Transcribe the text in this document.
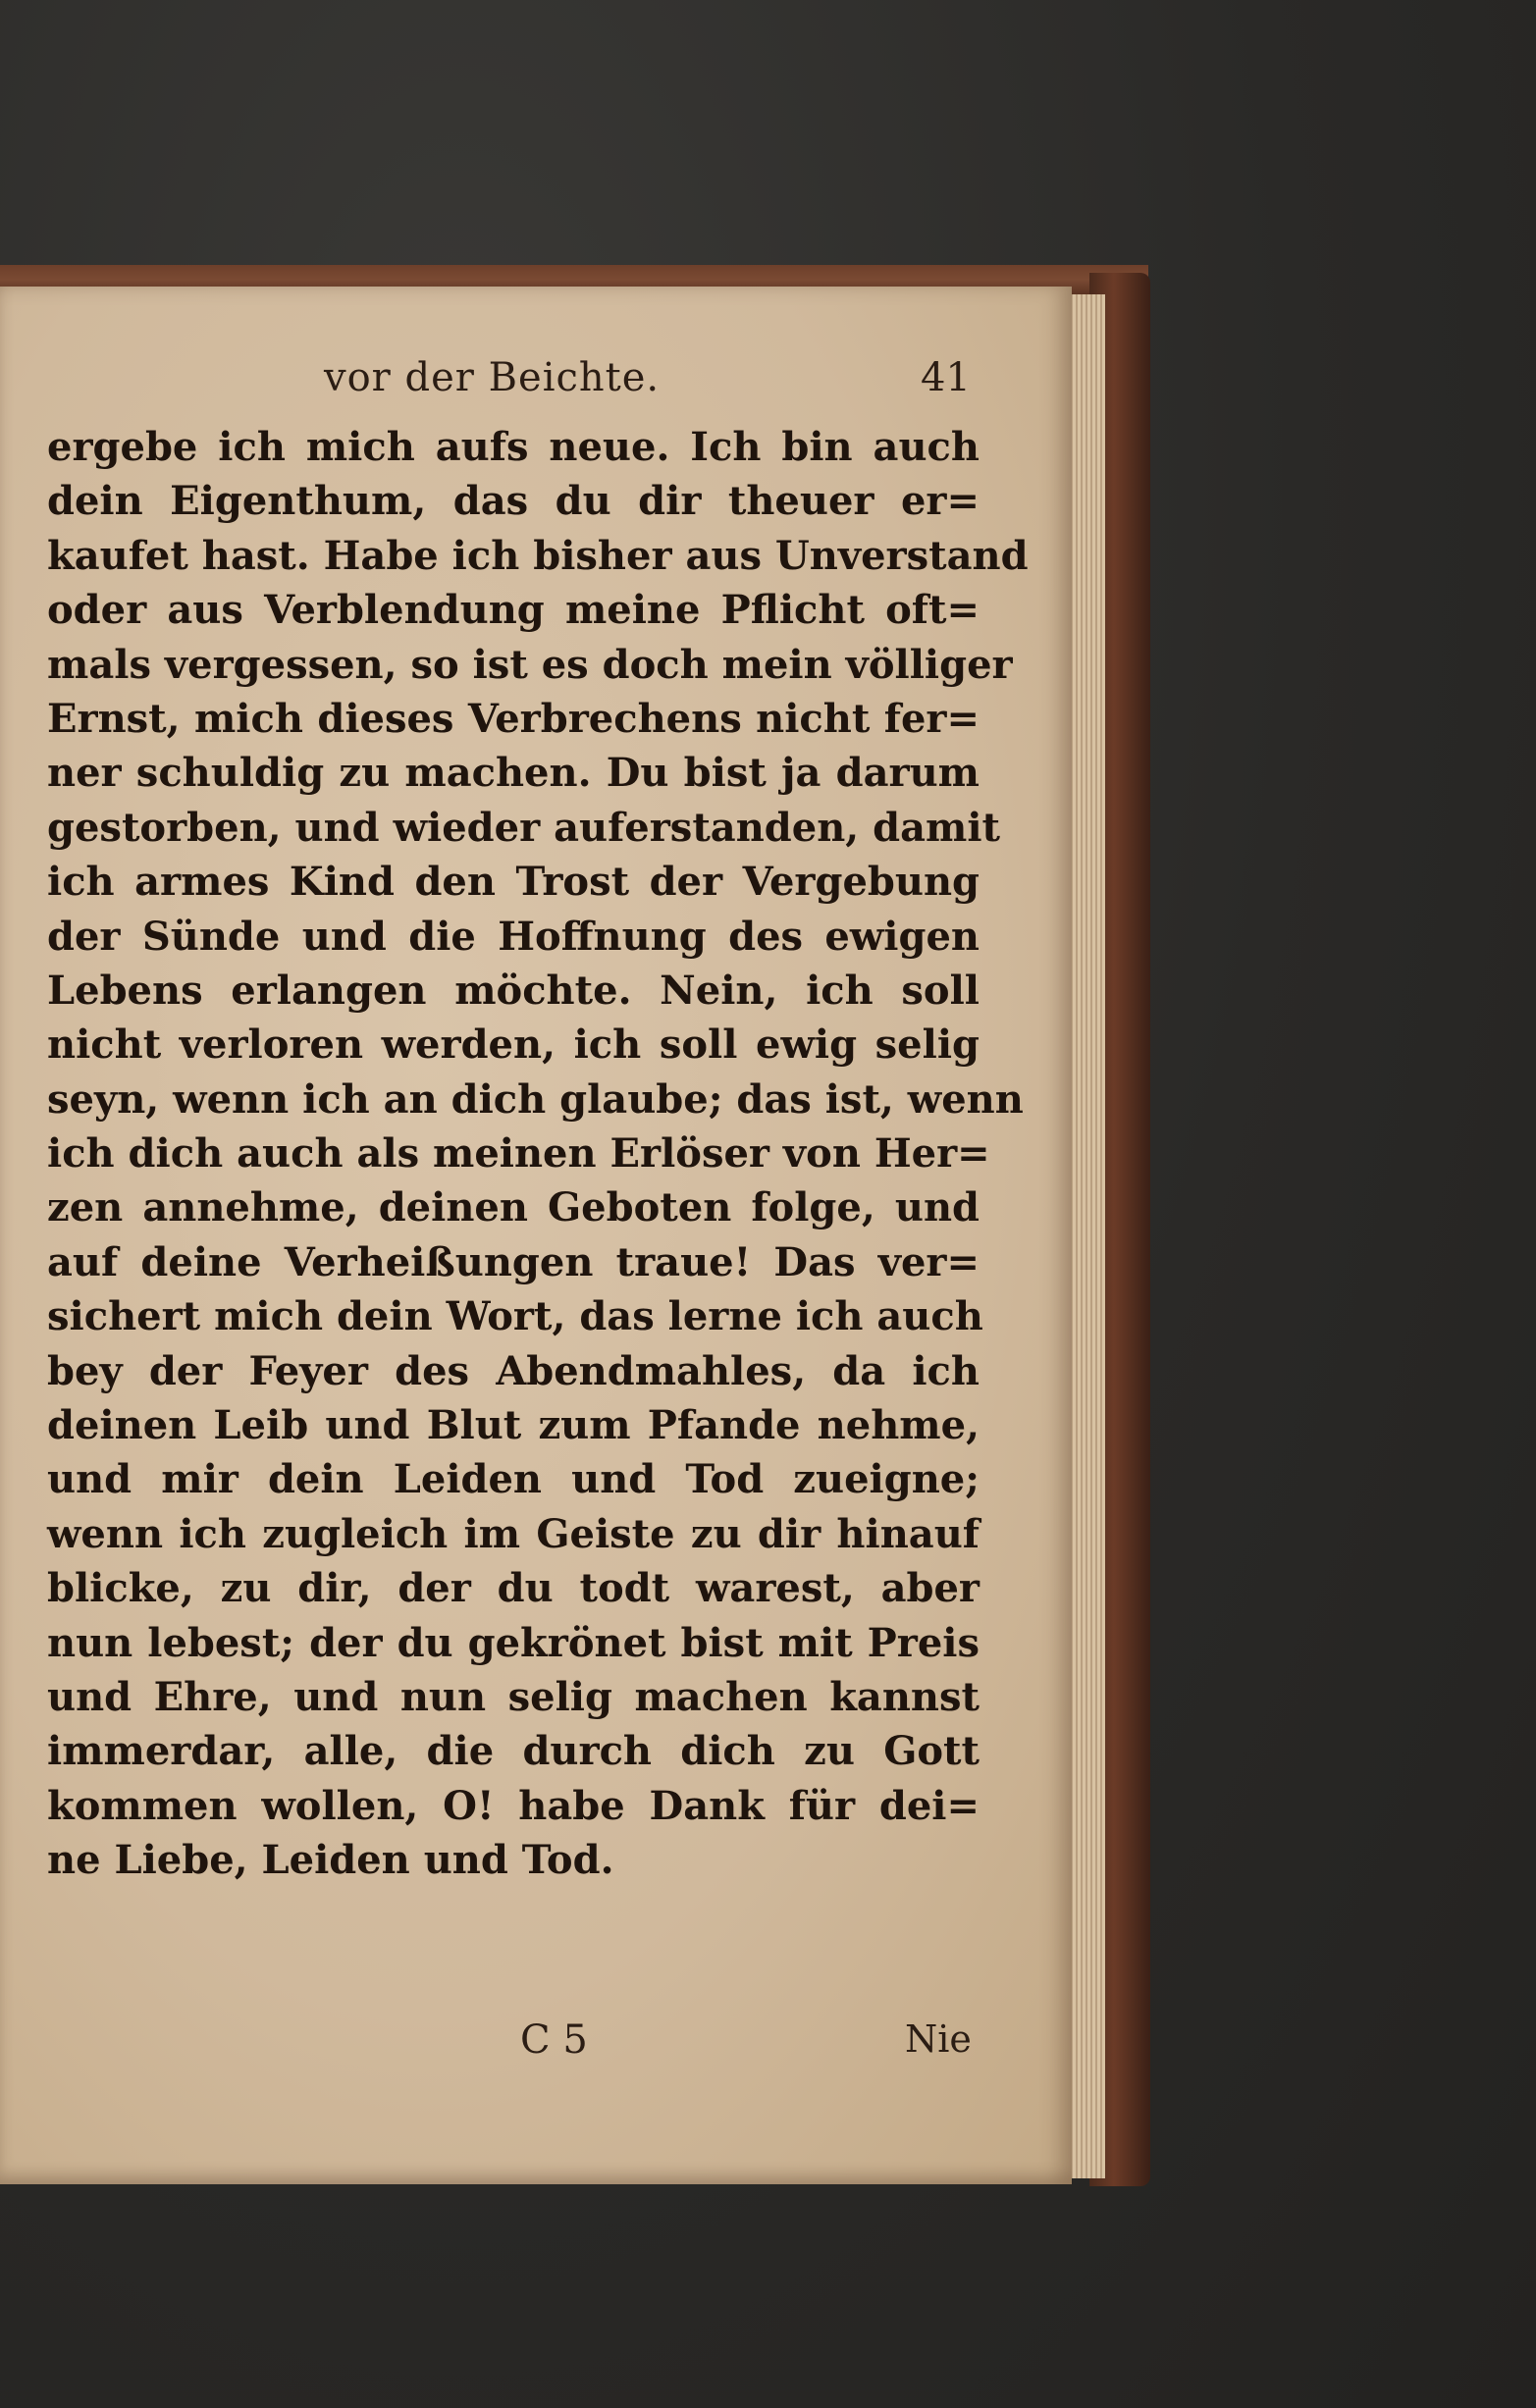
vor der Beichte.	41
ergebe ich mich aufs neue. Ich bin auch
dein Eigenthum, das du dir theuer er=
kaufet hast. Habe ich bisher aus Unverstand
oder aus Verblendung meine Pflicht oft=
mals vergessen, so ist es doch mein völliger
Ernst, mich dieses Verbrechens nicht fer=
ner schuldig zu machen. Du bist ja darum
gestorben, und wieder auferstanden, damit
ich armes Kind den Trost der Vergebung
der Sünde und die Hoffnung des ewigen
Lebens erlangen möchte. Nein, ich soll
nicht verloren werden, ich soll ewig selig
seyn, wenn ich an dich glaube; das ist, wenn
ich dich auch als meinen Erlöser von Her=
zen annehme, deinen Geboten folge, und
auf deine Verheißungen traue! Das ver=
sichert mich dein Wort, das lerne ich auch
bey der Feyer des Abendmahles, da ich
deinen Leib und Blut zum Pfande nehme,
und mir dein Leiden und Tod zueigne;
wenn ich zugleich im Geiste zu dir hinauf
blicke, zu dir, der du todt warest, aber
nun lebest; der du gekrönet bist mit Preis
und Ehre, und nun selig machen kannst
immerdar, alle, die durch dich zu Gott
kommen wollen, O! habe Dank für dei=
ne Liebe, Leiden und Tod.
C 5	Nie
